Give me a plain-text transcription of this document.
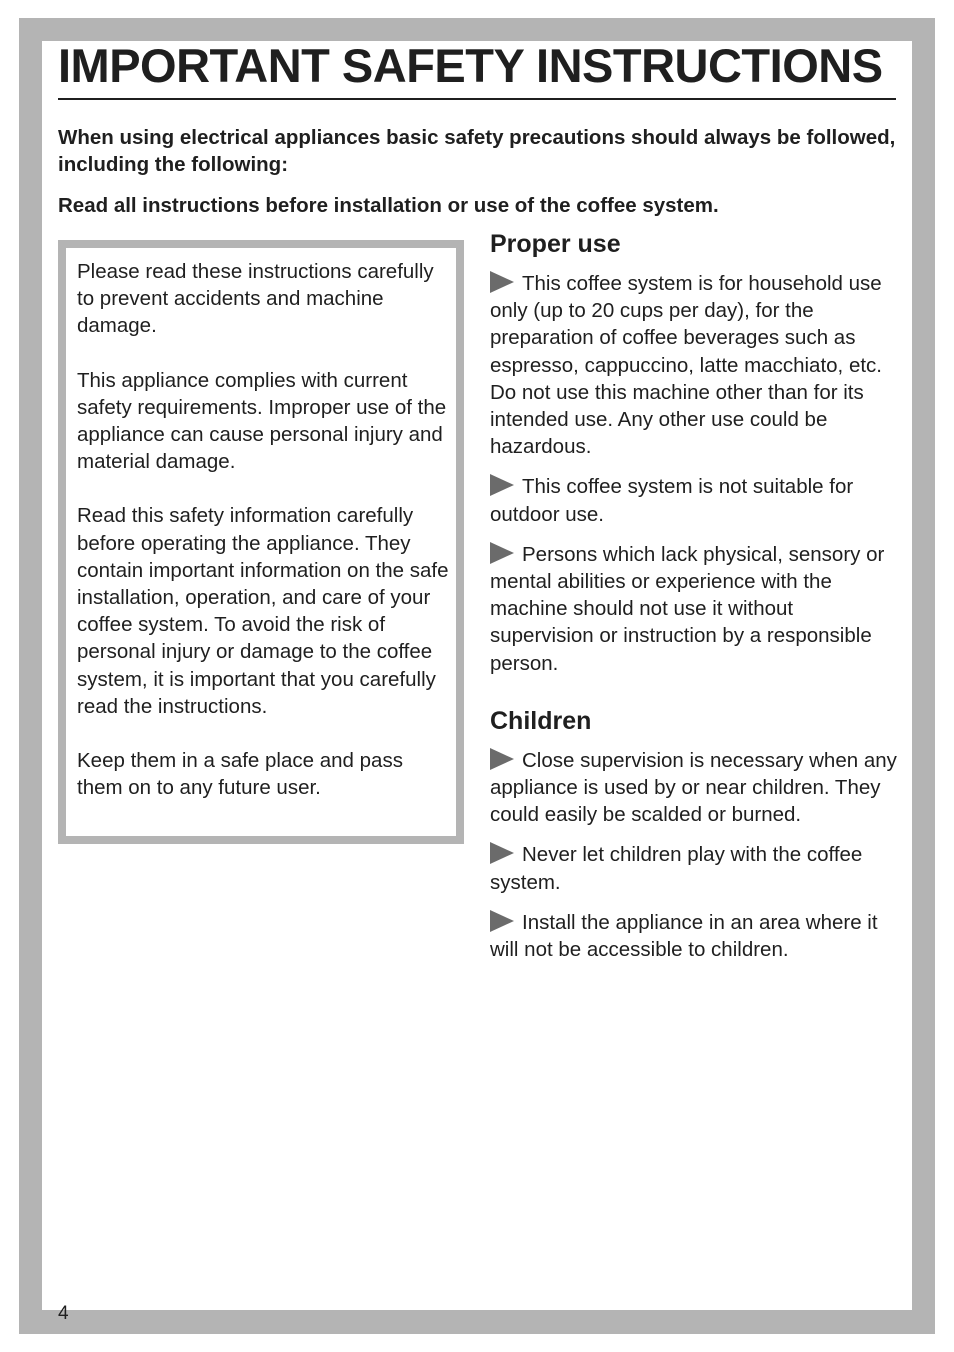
IMPORTANT SAFETY INSTRUCTIONS

When using electrical appliances basic safety precautions should always be followed, including the following:

Read all instructions before installation or use of the coffee system.

Please read these instructions carefully to prevent accidents and machine damage.

This appliance complies with current safety requirements. Improper use of the appliance can cause personal injury and material damage.

Read this safety information carefully before operating the appliance. They contain important information on the safe installation, operation, and care of your coffee system. To avoid the risk of personal injury or damage to the coffee system, it is important that you carefully read the instructions.

Keep them in a safe place and pass them on to any future user.

Proper use
This coffee system is for household use only (up to 20 cups per day), for the preparation of coffee beverages such as espresso, cappuccino, latte macchiato, etc.
Do not use this machine other than for its intended use. Any other use could be hazardous.
This coffee system is not suitable for outdoor use.
Persons which lack physical, sensory or mental abilities or experience with the machine should not use it without supervision or instruction by a responsible person.
Children
Close supervision is necessary when any appliance is used by or near children. They could easily be scalded or burned.
Never let children play with the coffee system.
Install the appliance in an area where it will not be accessible to children.
4
